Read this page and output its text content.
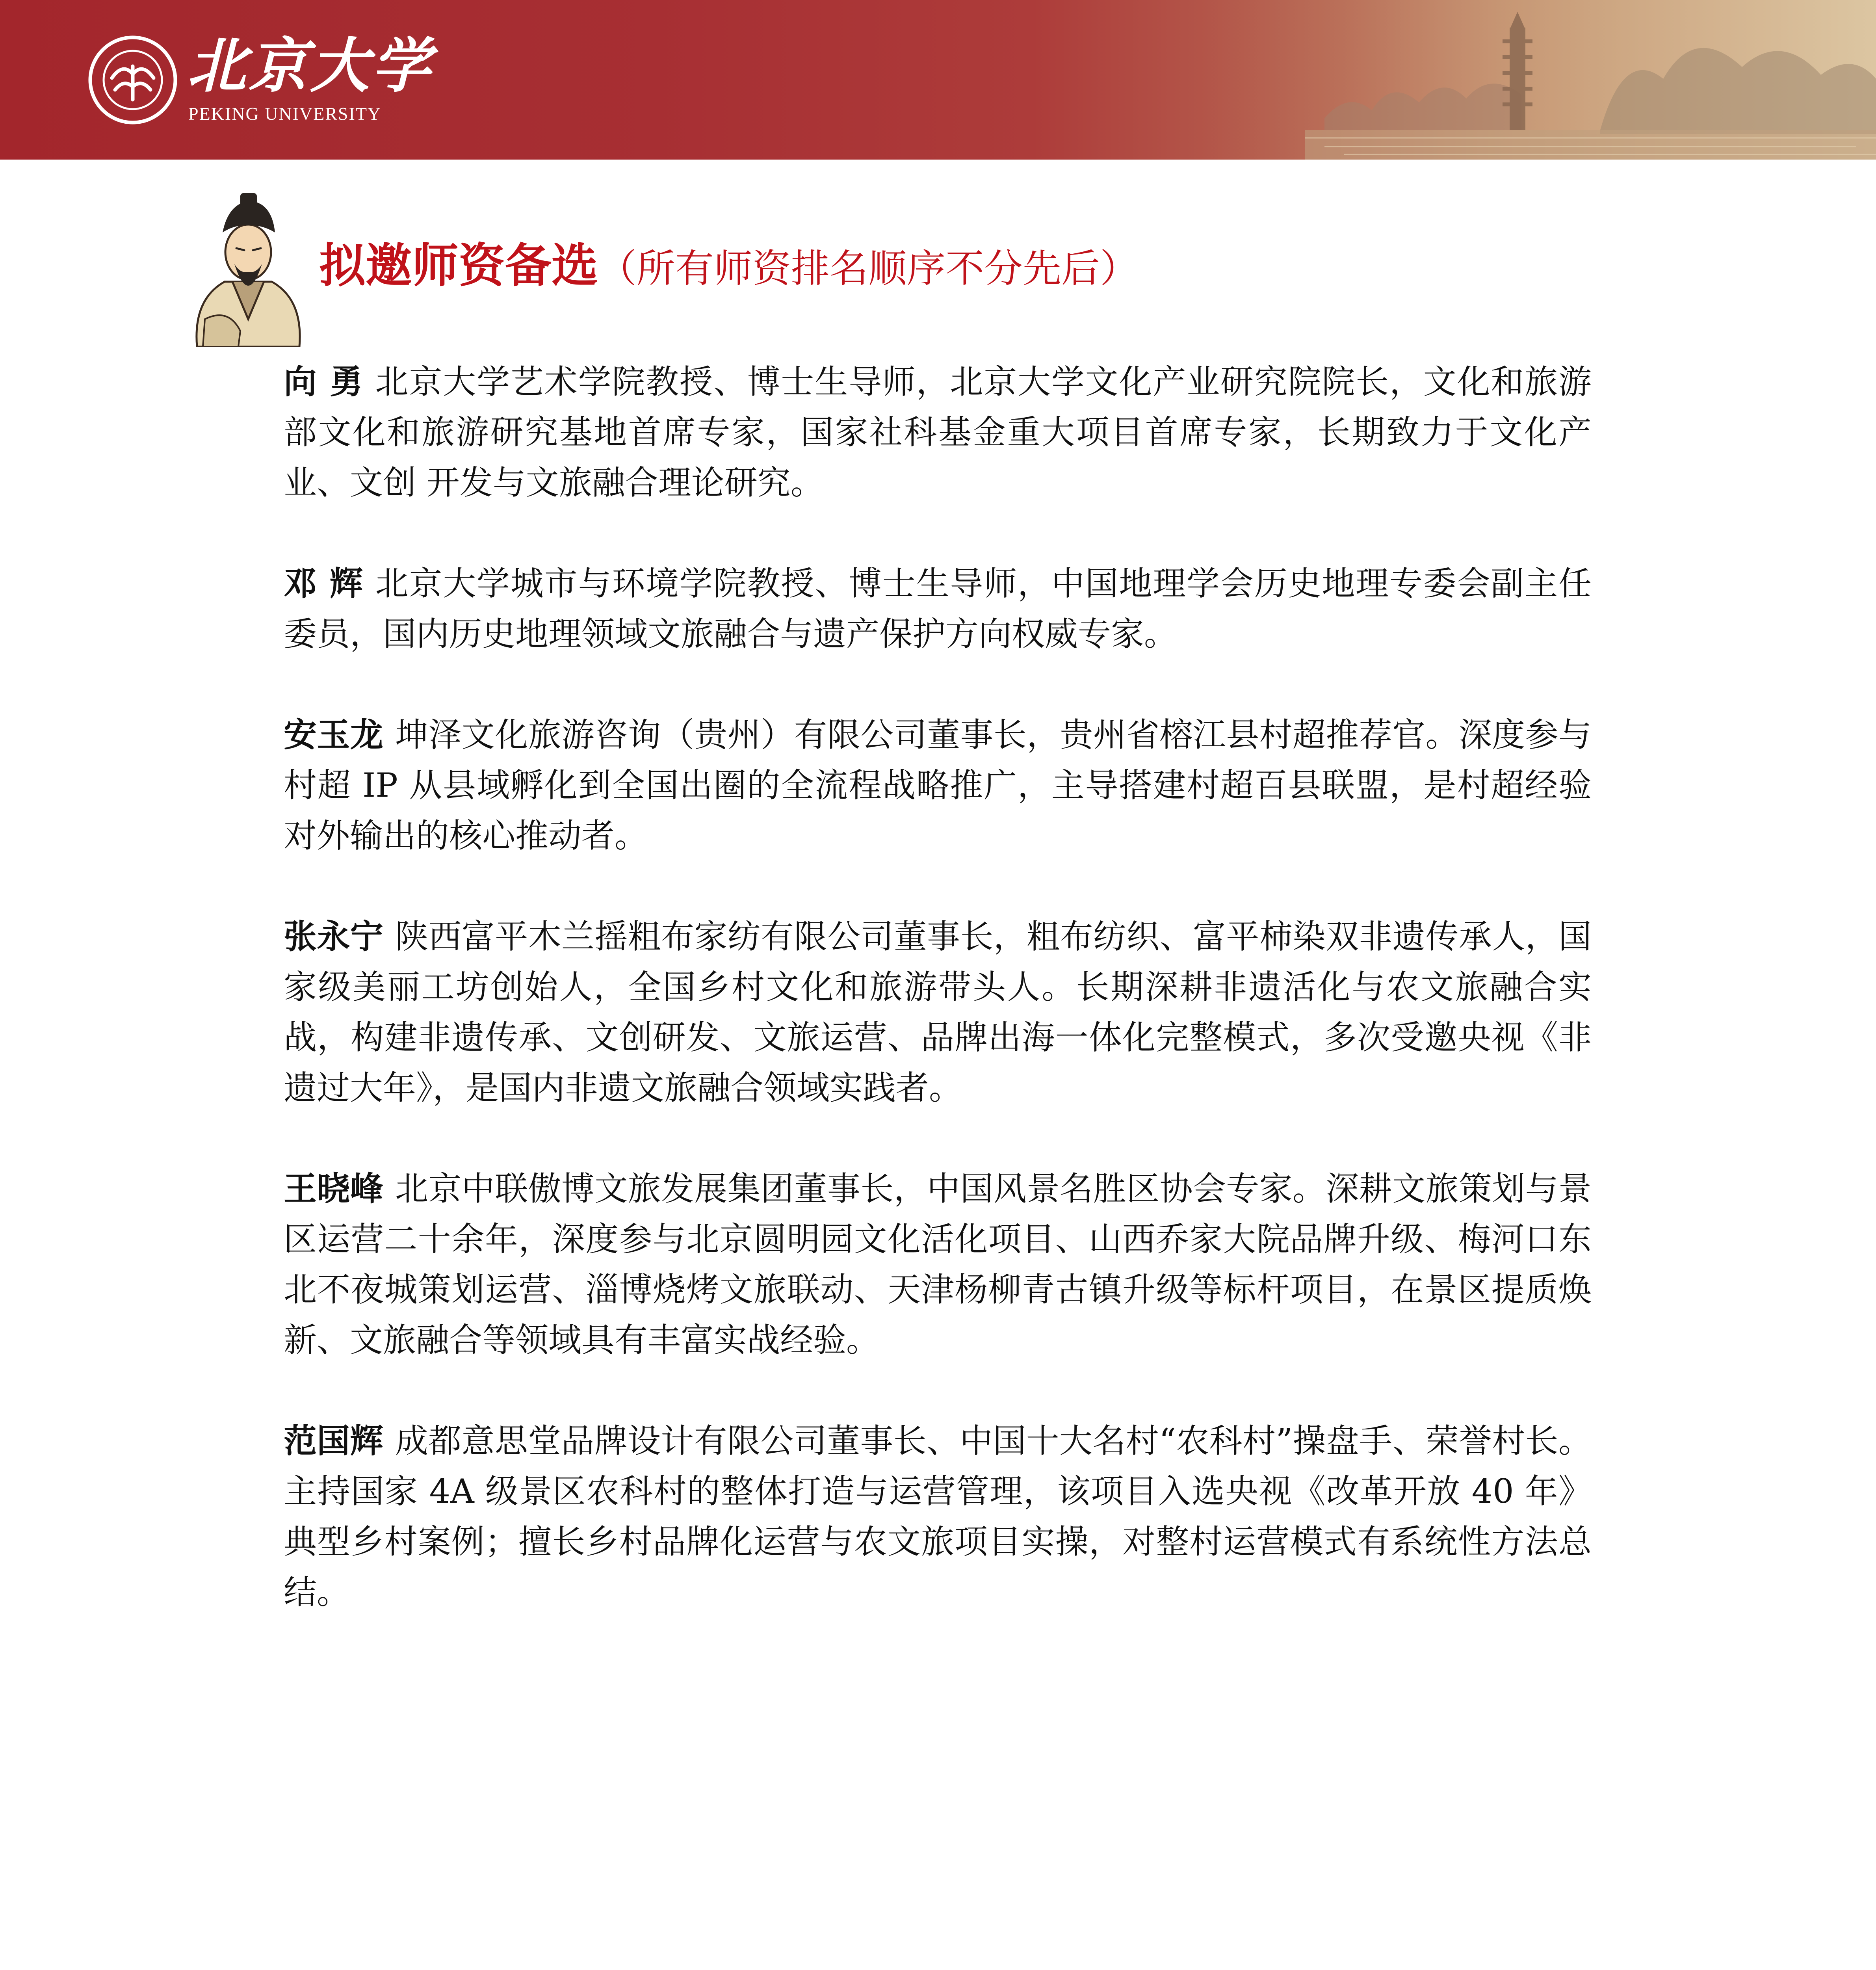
北京大学
PEKING UNIVERSITY
拟邀师资备选（所有师资排名顺序不分先后）

向 勇 北京大学艺术学院教授、博士生导师，北京大学文化产业研究院院长，文化和旅游部文化和旅游研究基地首席专家，国家社科基金重大项目首席专家，长期致力于文化产业、文创 开发与文旅融合理论研究。

邓 辉 北京大学城市与环境学院教授、博士生导师，中国地理学会历史地理专委会副主任委员，国内历史地理领域文旅融合与遗产保护方向权威专家。

安玉龙 坤泽文化旅游咨询（贵州）有限公司董事长，贵州省榕江县村超推荐官。深度参与村超 IP 从县域孵化到全国出圈的全流程战略推广，主导搭建村超百县联盟，是村超经验对外输出的核心推动者。

张永宁 陕西富平木兰摇粗布家纺有限公司董事长，粗布纺织、富平柿染双非遗传承人，国家级美丽工坊创始人，全国乡村文化和旅游带头人。长期深耕非遗活化与农文旅融合实战，构建非遗传承、文创研发、文旅运营、品牌出海一体化完整模式，多次受邀央视《非遗过大年》，是国内非遗文旅融合领域实践者。

王晓峰 北京中联傲博文旅发展集团董事长，中国风景名胜区协会专家。深耕文旅策划与景区运营二十余年，深度参与北京圆明园文化活化项目、山西乔家大院品牌升级、梅河口东北不夜城策划运营、淄博烧烤文旅联动、天津杨柳青古镇升级等标杆项目，在景区提质焕新、文旅融合等领域具有丰富实战经验。

范国辉 成都意思堂品牌设计有限公司董事长、中国十大名村“农科村”操盘手、荣誉村长。主持国家 4A 级景区农科村的整体打造与运营管理，该项目入选央视《改革开放 40 年》典型乡村案例；擅长乡村品牌化运营与农文旅项目实操，对整村运营模式有系统性方法总结。
